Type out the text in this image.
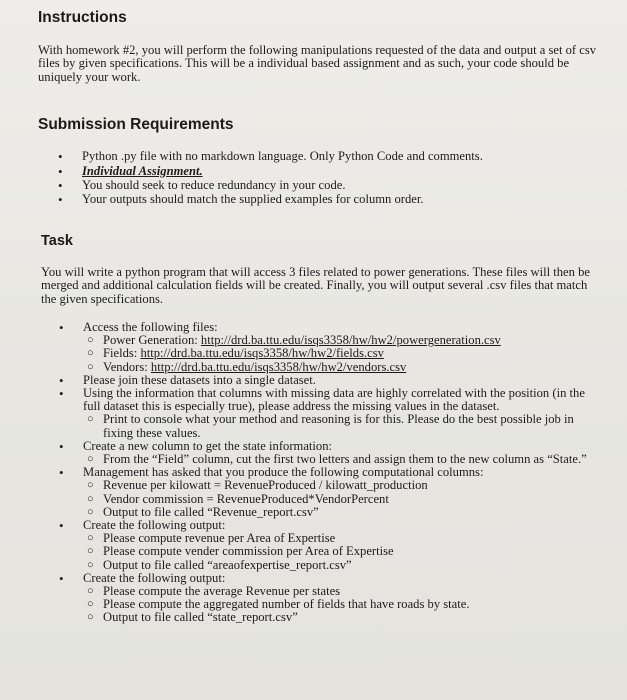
Instructions

With homework #2, you will perform the following manipulations requested of the data and output a set of csv files by given specifications. This will be a individual based assignment and as such, your code should be uniquely your work.

Submission Requirements
• Python .py file with no markdown language. Only Python Code and comments.
• Individual Assignment.
• You should seek to reduce redundancy in your code.
• Your outputs should match the supplied examples for column order.
Task

You will write a python program that will access 3 files related to power generations. These files will then be merged and additional calculation fields will be created. Finally, you will output several .csv files that match the given specifications.

• Access the following files:
○ Power Generation: http://drd.ba.ttu.edu/isqs3358/hw/hw2/powergeneration.csv
○ Fields: http://drd.ba.ttu.edu/isqs3358/hw/hw2/fields.csv
○ Vendors: http://drd.ba.ttu.edu/isqs3358/hw/hw2/vendors.csv
• Please join these datasets into a single dataset.
• Using the information that columns with missing data are highly correlated with the position (in the full dataset this is especially true), please address the missing values in the dataset.
○ Print to console what your method and reasoning is for this. Please do the best possible job in fixing these values.
• Create a new column to get the state information:
○ From the “Field” column, cut the first two letters and assign them to the new column as “State.”
• Management has asked that you produce the following computational columns:
○ Revenue per kilowatt = RevenueProduced / kilowatt_production
○ Vendor commission = RevenueProduced*VendorPercent
○ Output to file called “Revenue_report.csv”
• Create the following output:
○ Please compute revenue per Area of Expertise
○ Please compute vender commission per Area of Expertise
○ Output to file called “areaofexpertise_report.csv”
• Create the following output:
○ Please compute the average Revenue per states
○ Please compute the aggregated number of fields that have roads by state.
○ Output to file called “state_report.csv”
